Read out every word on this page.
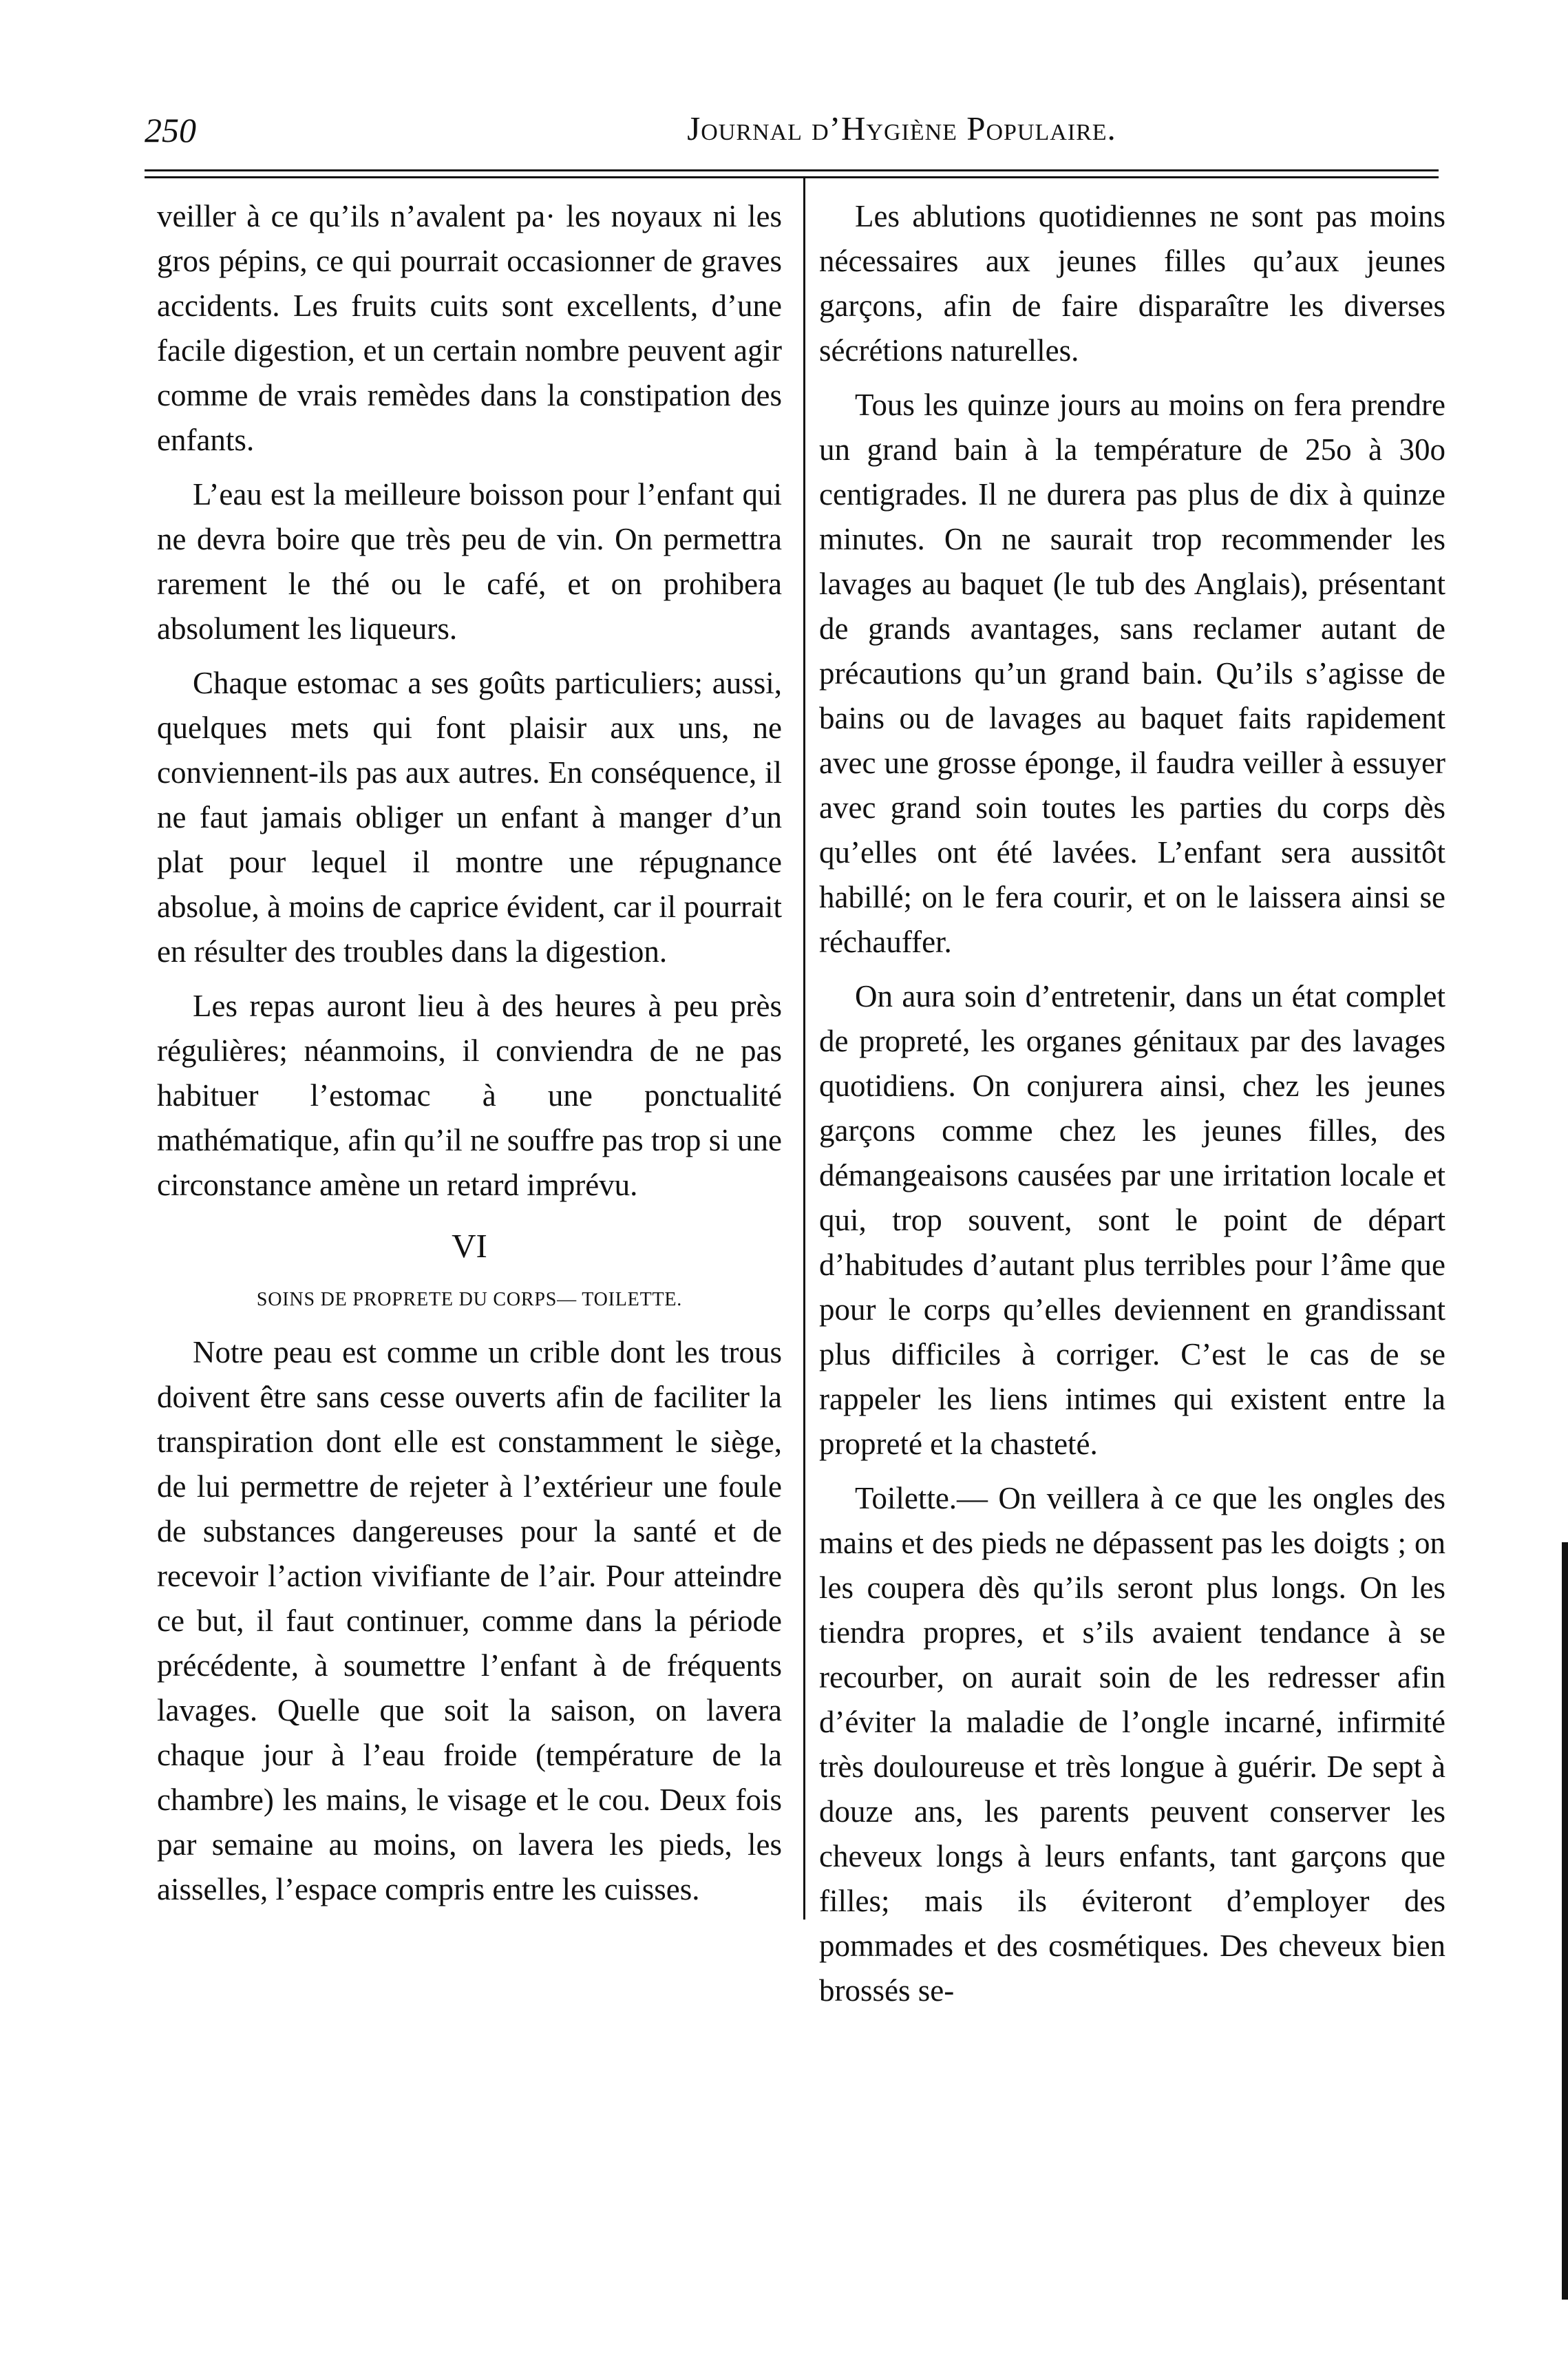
250	Journal d’Hygiène Populaire.

veiller à ce qu’ils n’avalent pa· les noyaux ni les gros pépins, ce qui pourrait occasionner de graves accidents. Les fruits cuits sont excellents, d’une facile digestion, et un certain nombre peuvent agir comme de vrais remèdes dans la constipation des enfants.

L’eau est la meilleure boisson pour l’enfant qui ne devra boire que très peu de vin. On permettra rarement le thé ou le café, et on prohibera absolument les liqueurs.

Chaque estomac a ses goûts particuliers; aussi, quelques mets qui font plaisir aux uns, ne conviennent-ils pas aux autres. En conséquence, il ne faut jamais obliger un enfant à manger d’un plat pour lequel il montre une répugnance absolue, à moins de caprice évident, car il pourrait en résulter des troubles dans la digestion.

Les repas auront lieu à des heures à peu près régulières; néanmoins, il conviendra de ne pas habituer l’estomac à une ponctualité mathématique, afin qu’il ne souffre pas trop si une circonstance amène un retard imprévu.

VI
SOINS DE PROPRETE DU CORPS— TOILETTE.

Notre peau est comme un crible dont les trous doivent être sans cesse ouverts afin de faciliter la transpiration dont elle est constamment le siège, de lui permettre de rejeter à l’extérieur une foule de substances dangereuses pour la santé et de recevoir l’action vivifiante de l’air. Pour atteindre ce but, il faut continuer, comme dans la période précédente, à soumettre l’enfant à de fréquents lavages. Quelle que soit la saison, on lavera chaque jour à l’eau froide (température de la chambre) les mains, le visage et le cou. Deux fois par semaine au moins, on lavera les pieds, les aisselles, l’espace compris entre les cuisses.

Les ablutions quotidiennes ne sont pas moins nécessaires aux jeunes filles qu’aux jeunes garçons, afin de faire disparaître les diverses sécrétions naturelles.

Tous les quinze jours au moins on fera prendre un grand bain à la température de 25o à 30o centigrades. Il ne durera pas plus de dix à quinze minutes. On ne saurait trop recommender les lavages au baquet (le tub des Anglais), présentant de grands avantages, sans reclamer autant de précautions qu’un grand bain. Qu’ils s’agisse de bains ou de lavages au baquet faits rapidement avec une grosse éponge, il faudra veiller à essuyer avec grand soin toutes les parties du corps dès qu’elles ont été lavées. L’enfant sera aussitôt habillé; on le fera courir, et on le laissera ainsi se réchauffer.

On aura soin d’entretenir, dans un état complet de propreté, les organes génitaux par des lavages quotidiens. On conjurera ainsi, chez les jeunes garçons comme chez les jeunes filles, des démangeaisons causées par une irritation locale et qui, trop souvent, sont le point de départ d’habitudes d’autant plus terribles pour l’âme que pour le corps qu’elles deviennent en grandissant plus difficiles à corriger. C’est le cas de se rappeler les liens intimes qui existent entre la propreté et la chasteté.

Toilette.— On veillera à ce que les ongles des mains et des pieds ne dépassent pas les doigts ; on les coupera dès qu’ils seront plus longs. On les tiendra propres, et s’ils avaient tendance à se recourber, on aurait soin de les redresser afin d’éviter la maladie de l’ongle incarné, infirmité très douloureuse et très longue à guérir. De sept à douze ans, les parents peuvent conserver les cheveux longs à leurs enfants, tant garçons que filles; mais ils éviteront d’employer des pommades et des cosmétiques. Des cheveux bien brossés se-
